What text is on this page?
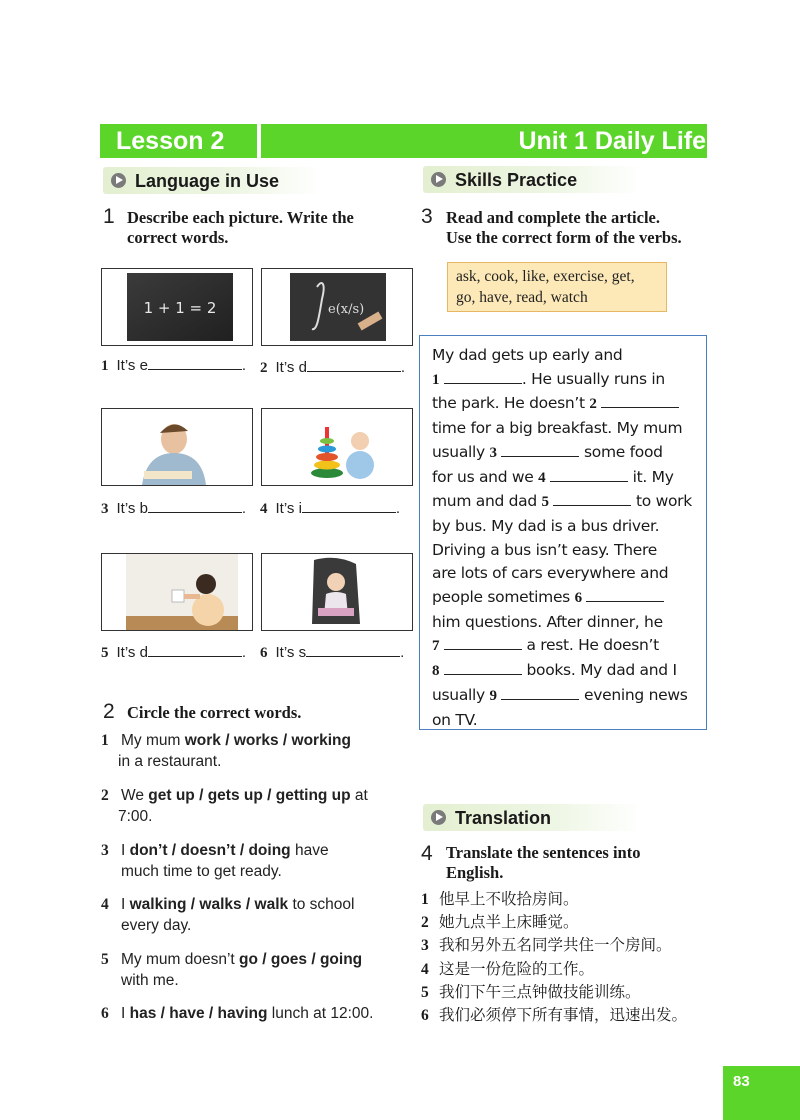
Lesson 2	Unit 1 Daily Life
Language in Use	Skills Practice
Translation
1 Describe each picture. Write the
correct words.
1 + 1 = 2	e(x/s)
1 It’s e	. 2 It’s d	.
3 It’s b	. 4 It’s i	.
5 It’s d	. 6 It’s s	.
2 Circle the correct words.
1 My mum work / works / working
in a restaurant.
2 We get up / gets up / getting up at
7:00.
3 I don’t / doesn’t / doing have
much time to get ready.
4 I walking / walks / walk to school
every day.
5 My mum doesn’t go / goes / going
with me.
6 I has / have / having lunch at 12:00.
3 Read and complete the article.
Use the correct form of the verbs.
ask, cook, like, exercise, get,
go, have, read, watch
My dad gets up early and
1	. He usually runs in
the park. He doesn’t 2
time for a big breakfast. My mum
usually 3	some food
for us and we 4	it. My
mum and dad 5	to work
by bus. My dad is a bus driver.
Driving a bus isn’t easy. There
are lots of cars everywhere and
people sometimes 6
him questions. After dinner, he
7	a rest. He doesn’t
8	books. My dad and I
usually 9	evening news
on TV.
4 Translate the sentences into
English.
1 他早上不收拾房间。
2 她九点半上床睡觉。
3 我和另外五名同学共住一个房间。
4 这是一份危险的工作。
5 我们下午三点钟做技能训练。
6 我们必须停下所有事情，迅速出发。
83
